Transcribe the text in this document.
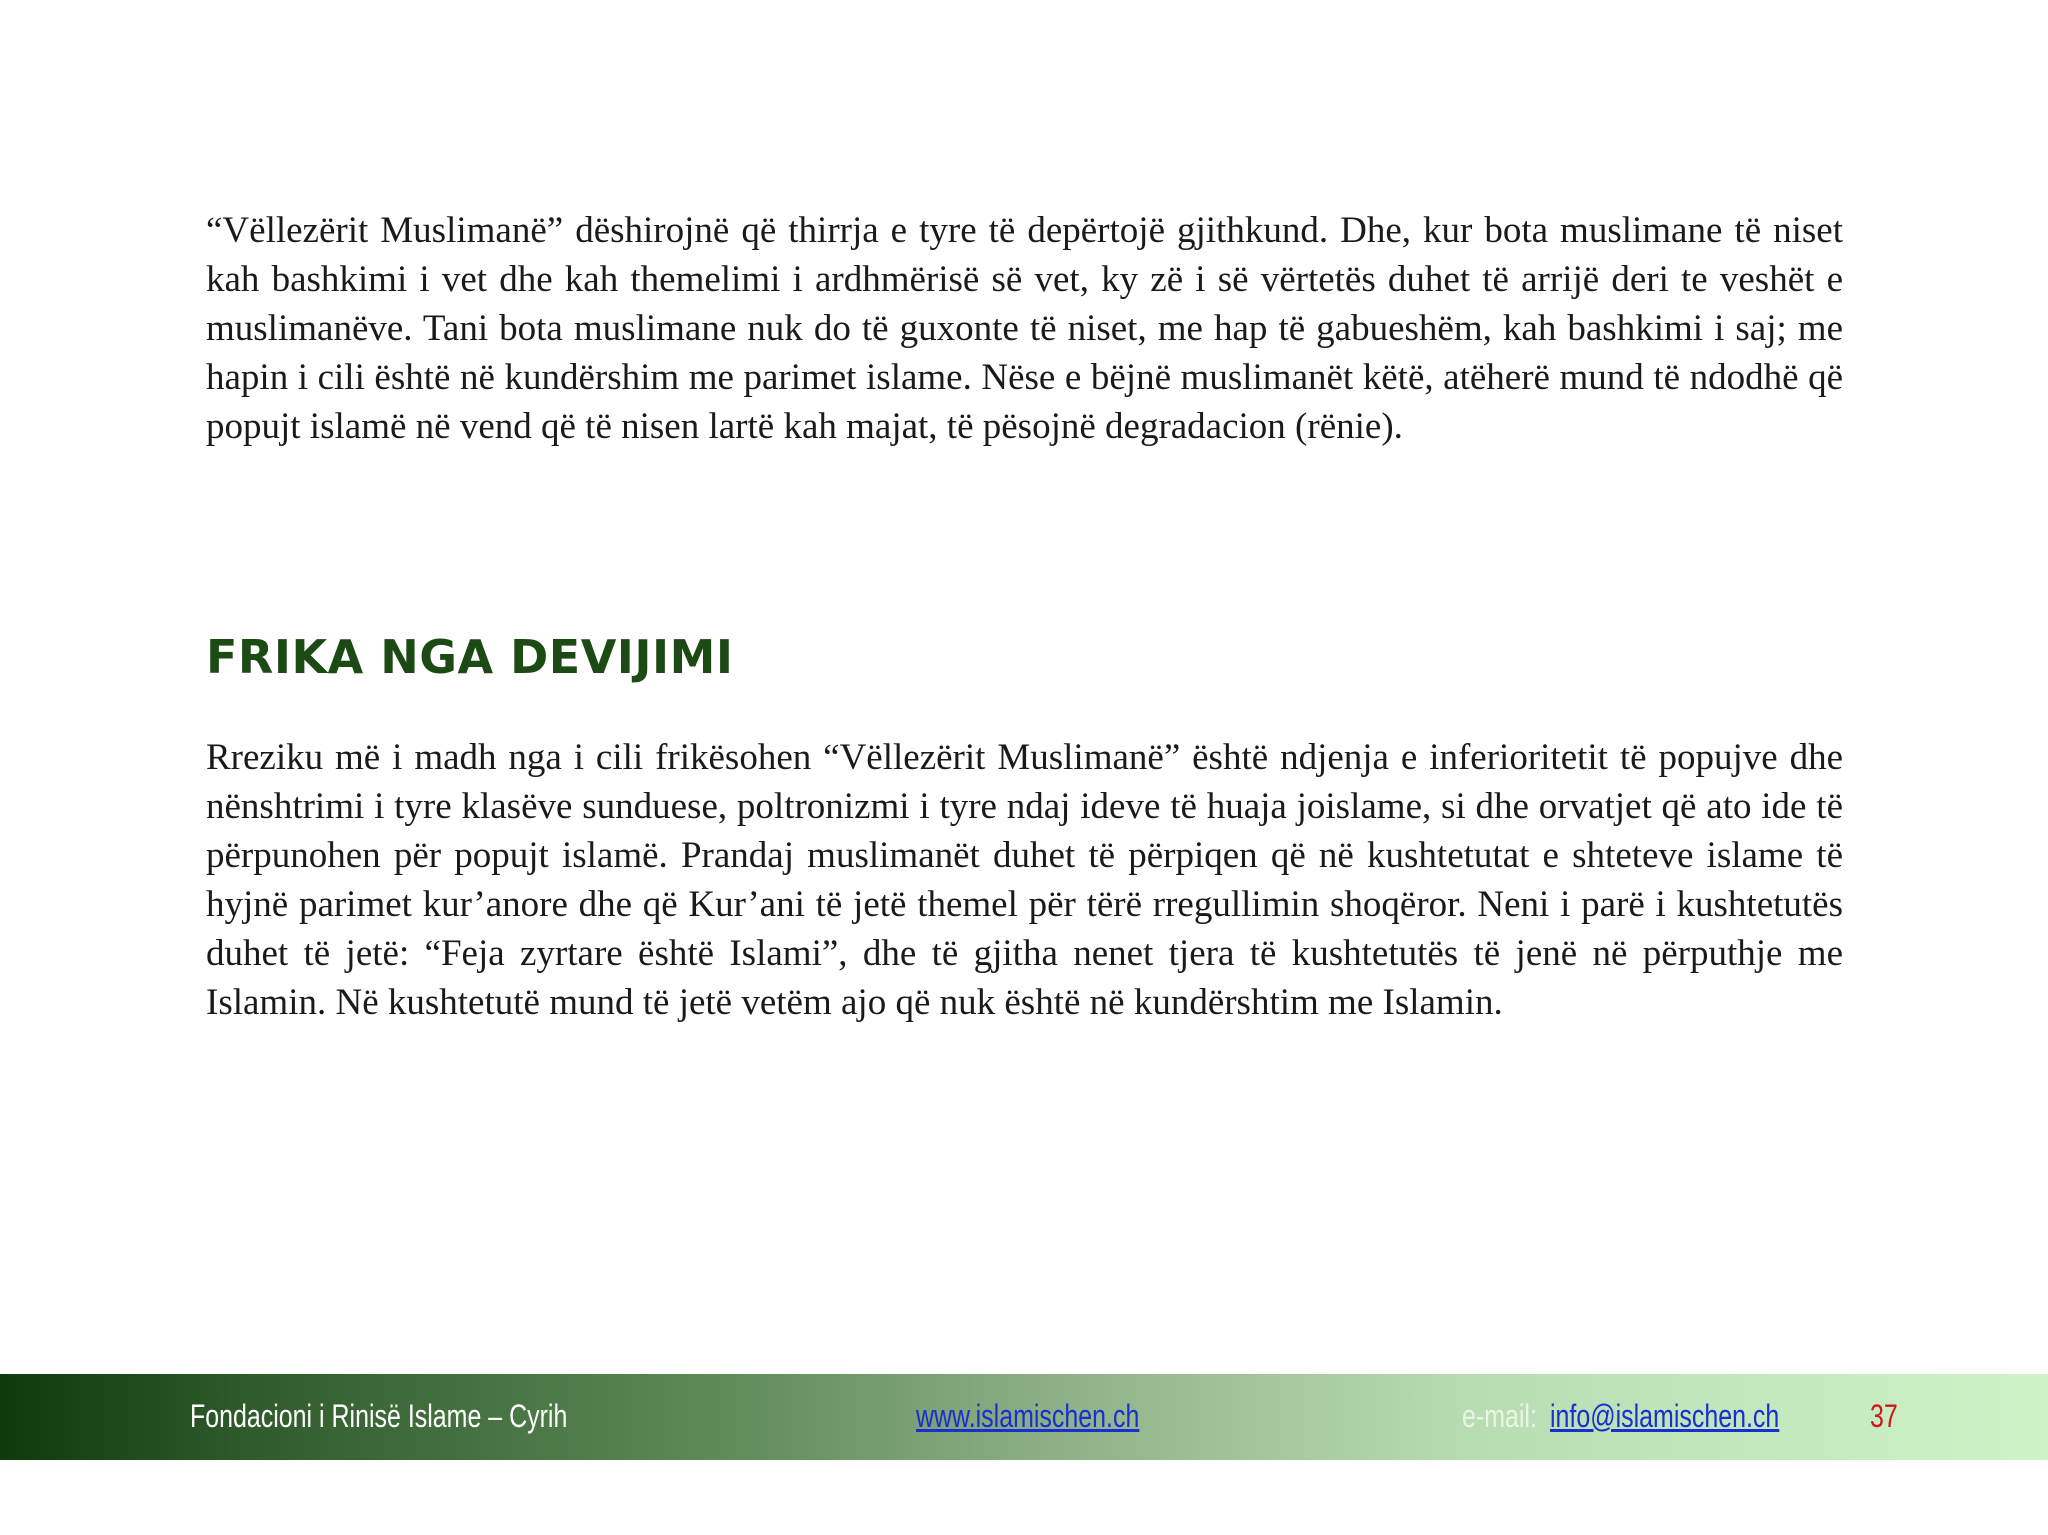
“Vëllezërit Muslimanë” dëshirojnë që thirrja e tyre të depërtojë gjithkund. Dhe, kur bota muslimane të niset kah bashkimi i vet dhe kah themelimi i ardhmërisë së vet, ky zë i së vërtetës duhet të arrijë deri te veshët e muslimanëve. Tani bota muslimane nuk do të guxonte të niset, me hap të gabueshëm, kah bashkimi i saj; me hapin i cili është në kundërshim me parimet islame. Nëse e bëjnë muslimanët këtë, atëherë mund të ndodhë që popujt islamë në vend që të nisen lartë kah majat, të pësojnë degradacion (rënie).

FRIKA NGA DEVIJIMI

Rreziku më i madh nga i cili frikësohen “Vëllezërit Muslimanë” është ndjenja e inferioritetit të popujve dhe nënshtrimi i tyre klasëve sunduese, poltronizmi i tyre ndaj ideve të huaja joislame, si dhe orvatjet që ato ide të përpunohen për popujt islamë. Prandaj muslimanët duhet të përpiqen që në kushtetutat e shteteve islame të hyjnë parimet kur’anore dhe që Kur’ani të jetë themel për tërë rregullimin shoqëror. Neni i parë i kushtetutës duhet të jetë: “Feja zyrtare është Islami”, dhe të gjitha nenet tjera të kushtetutës të jenë në përputhje me Islamin. Në kushtetutë mund të jetë vetëm ajo që nuk është në kundërshtim me Islamin.

Fondacioni i Rinisë Islame – Cyrih	www.islamischen.ch	e-mail: info@islamischen.ch	37
